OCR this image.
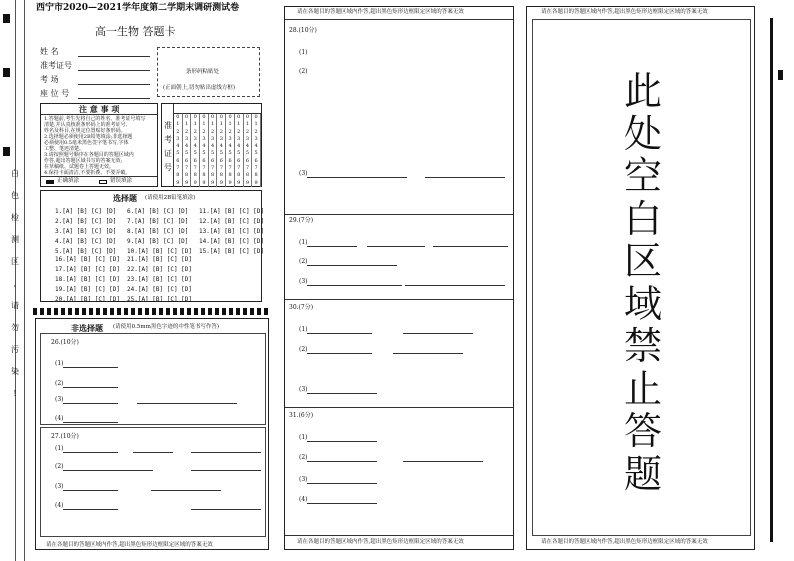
白
色
检
测
区
,
请
勿
污
染
!
西宁市2020—2021学年度第二学期末调研测试卷
高一生物 答题卡
姓 名
准考证号
考 场
座 位 号
条形码粘贴处
(正面朝上,切勿贴出虚线方框)
注 意 事 项
1.答题前,考生先将自己的姓名、准考证号填写
清楚,并认真核准条形码上的准考证号、
姓名及科目,在规定位置贴好条形码。
2.选择题必须使用2B铅笔填涂;非选择题
必须使用0.5毫米黑色签字笔书写,字体
工整、笔迹清楚。
3.请按照题号顺序在各题目的答题区域内
作答,超出答题区域书写的答案无效;
在草稿纸、试题卷上答题无效。
4.保持卡面清洁,不要折叠、不要弄破。
正确填涂	错误填涂
准
考
证
号
0
1
2
3
4
5
6
7
8
9
0
1
2
3
4
5
6
7
8
9
0
1
2
3
4
5
6
7
8
9
0
1
2
3
4
5
6
7
8
9
0
1
2
3
4
5
6
7
8
9
0
1
2
3
4
5
6
7
8
9
0
1
2
3
4
5
6
7
8
9
0
1
2
3
4
5
6
7
8
9
0
1
2
3
4
5
6
7
8
9
0
1
2
3
4
5
6
7
8
9
选择题 (请使用2B铅笔填涂)
1.[A] [B] [C] [D] 6.[A] [B] [C] [D] 11.[A] [B] [C] [D]
2.[A] [B] [C] [D] 7.[A] [B] [C] [D] 12.[A] [B] [C] [D]
3.[A] [B] [C] [D] 8.[A] [B] [C] [D] 13.[A] [B] [C] [D]
4.[A] [B] [C] [D] 9.[A] [B] [C] [D] 14.[A] [B] [C] [D]
5.[A] [B] [C] [D] 10.[A] [B] [C] [D] 15.[A] [B] [C] [D]
16.[A] [B] [C] [D] 21.[A] [B] [C] [D]
17.[A] [B] [C] [D] 22.[A] [B] [C] [D]
18.[A] [B] [C] [D] 23.[A] [B] [C] [D]
19.[A] [B] [C] [D] 24.[A] [B] [C] [D]
20.[A] [B] [C] [D] 25.[A] [B] [C] [D]
非选择题 (请使用0.5mm黑色字迹的中性笔书写作答)
26.(10分)
(1)
(2)
(3)
(4)
27.(10分)
(1)
(2)
(3)
(4)
请在各题目的答题区域内作答,超出黑色矩形边框限定区域的答案无效
请在各题目的答题区域内作答,超出黑色矩形边框限定区域的答案无效
28.(10分)
(1)
(2)
(3)
29.(7分)
(1)
(2)
(3)
30.(7分)
(1)
(2)
(3)
31.(6分)
(1)
(2)
(3)
(4)
请在各题目的答题区域内作答,超出黑色矩形边框限定区域的答案无效
请在各题目的答题区域内作答,超出黑色矩形边框限定区域的答案无效
此
处
空
白
区
域
禁
止
答
题
请在各题目的答题区域内作答,超出黑色矩形边框限定区域的答案无效
